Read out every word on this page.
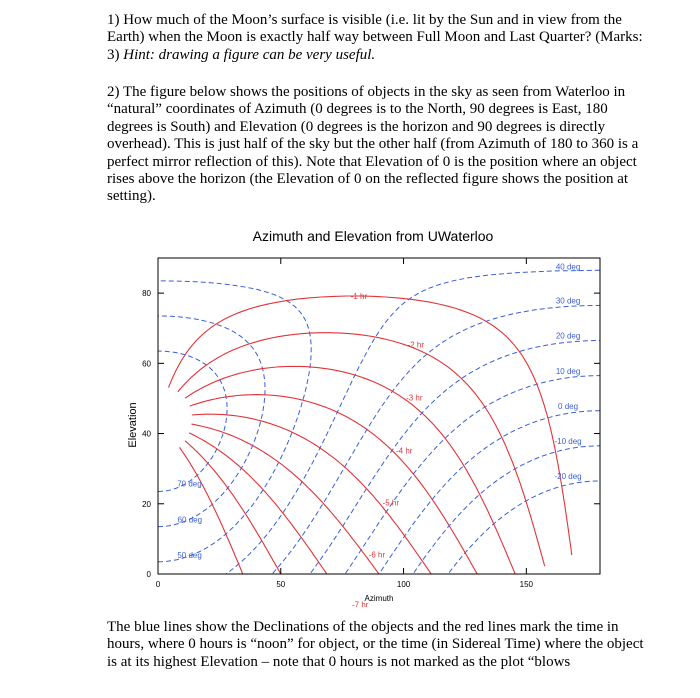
1) How much of the Moon’s surface is visible (i.e. lit by the Sun and in view from the Earth) when the Moon is exactly half way between Full Moon and Last Quarter? (Marks: 3) Hint: drawing a figure can be very useful.
2) The figure below shows the positions of objects in the sky as seen from Waterloo in “natural” coordinates of Azimuth (0 degrees is to the North, 90 degrees is East, 180 degrees is South) and Elevation (0 degrees is the horizon and 90 degrees is directly overhead). This is just half of the sky but the other half (from Azimuth of 180 to 360 is a perfect mirror reflection of this). Note that Elevation of 0 is the position where an object rises above the horizon (the Elevation of 0 on the reflected figure shows the position at setting).
Azimuth and Elevation from UWaterloo
Azimuth
Elevation
0
20
40
60
80
0	50	100	150
70 deg
60 deg
50 deg
40 deg
30 deg
20 deg
10 deg
0 deg
-10 deg
-20 deg
-1 hr
-2 hr
-3 hr
-4 hr
-5 hr
-6 hr
-7 hr
The blue lines show the Declinations of the objects and the red lines mark the time in hours, where 0 hours is “noon” for object, or the time (in Sidereal Time) where the object is at its highest Elevation – note that 0 hours is not marked as the plot “blows
